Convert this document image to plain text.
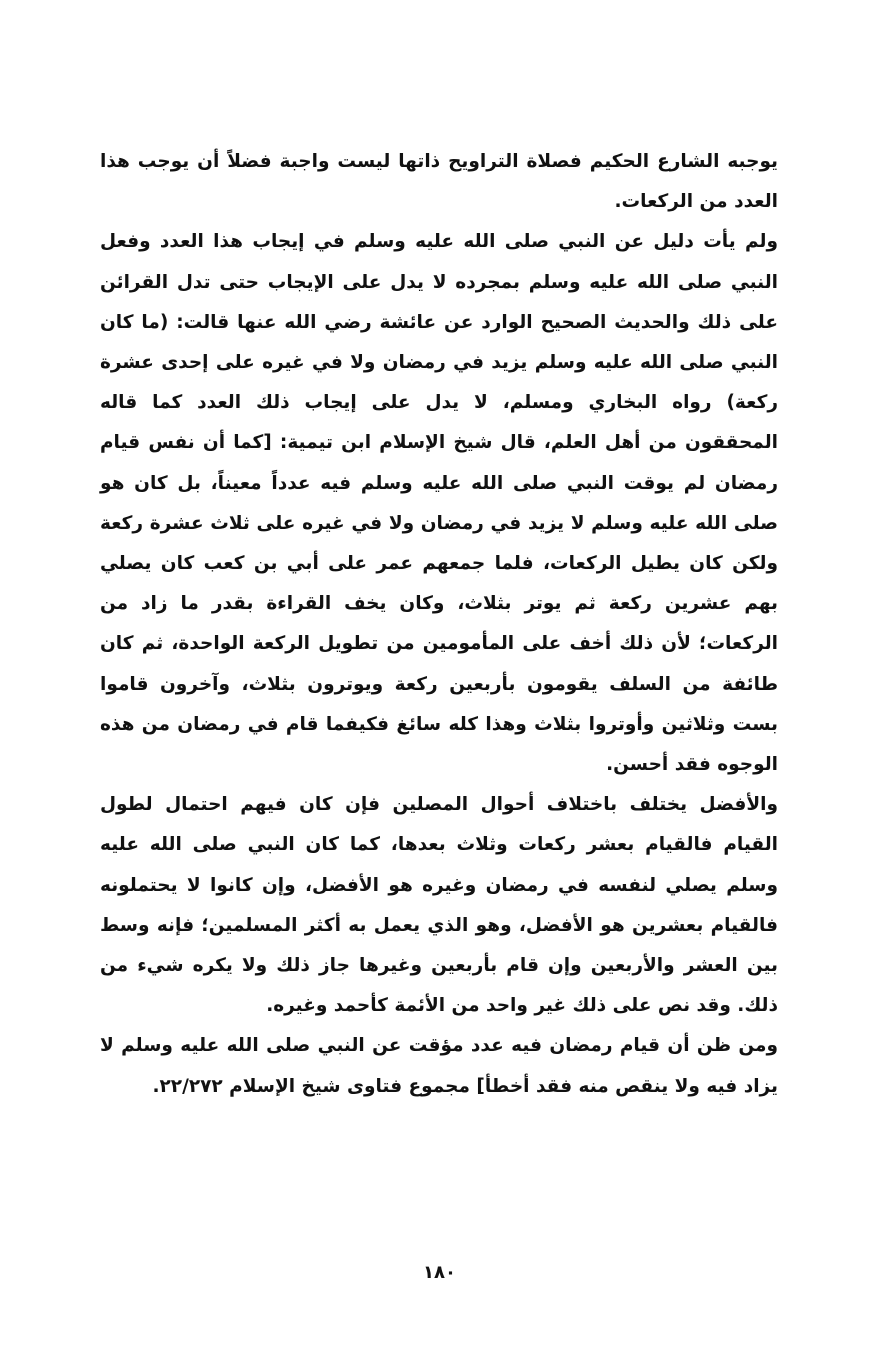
يوجبه الشارع الحكيم فصلاة التراويح ذاتها ليست واجبة فضلاً أن يوجب هذا العدد من الركعات.

ولم يأت دليل عن النبي صلى الله عليه وسلم في إيجاب هذا العدد وفعل النبي صلى الله عليه وسلم بمجرده لا يدل على الإيجاب حتى تدل القرائن على ذلك والحديث الصحيح الوارد عن عائشة رضي الله عنها قالت: (ما كان النبي صلى الله عليه وسلم يزيد في رمضان ولا في غيره على إحدى عشرة ركعة) رواه البخاري ومسلم، لا يدل على إيجاب ذلك العدد كما قاله المحققون من أهل العلم، قال شيخ الإسلام ابن تيمية: [كما أن نفس قيام رمضان لم يوقت النبي صلى الله عليه وسلم فيه عدداً معيناً، بل كان هو صلى الله عليه وسلم لا يزيد في رمضان ولا في غيره على ثلاث عشرة ركعة ولكن كان يطيل الركعات، فلما جمعهم عمر على أبي بن كعب كان يصلي بهم عشرين ركعة ثم يوتر بثلاث، وكان يخف القراءة بقدر ما زاد من الركعات؛ لأن ذلك أخف على المأمومين من تطويل الركعة الواحدة، ثم كان طائفة من السلف يقومون بأربعين ركعة ويوترون بثلاث، وآخرون قاموا بست وثلاثين وأوتروا بثلاث وهذا كله سائغ فكيفما قام في رمضان من هذه الوجوه فقد أحسن.

والأفضل يختلف باختلاف أحوال المصلين فإن كان فيهم احتمال لطول القيام فالقيام بعشر ركعات وثلاث بعدها، كما كان النبي صلى الله عليه وسلم يصلي لنفسه في رمضان وغيره هو الأفضل، وإن كانوا لا يحتملونه فالقيام بعشرين هو الأفضل، وهو الذي يعمل به أكثر المسلمين؛ فإنه وسط بين العشر والأربعين وإن قام بأربعين وغيرها جاز ذلك ولا يكره شيء من ذلك. وقد نص على ذلك غير واحد من الأئمة كأحمد وغيره.

ومن ظن أن قيام رمضان فيه عدد مؤقت عن النبي صلى الله عليه وسلم لا يزاد فيه ولا ينقص منه فقد أخطأ] مجموع فتاوى شيخ الإسلام ٢٢/٢٧٢.

١٨٠
